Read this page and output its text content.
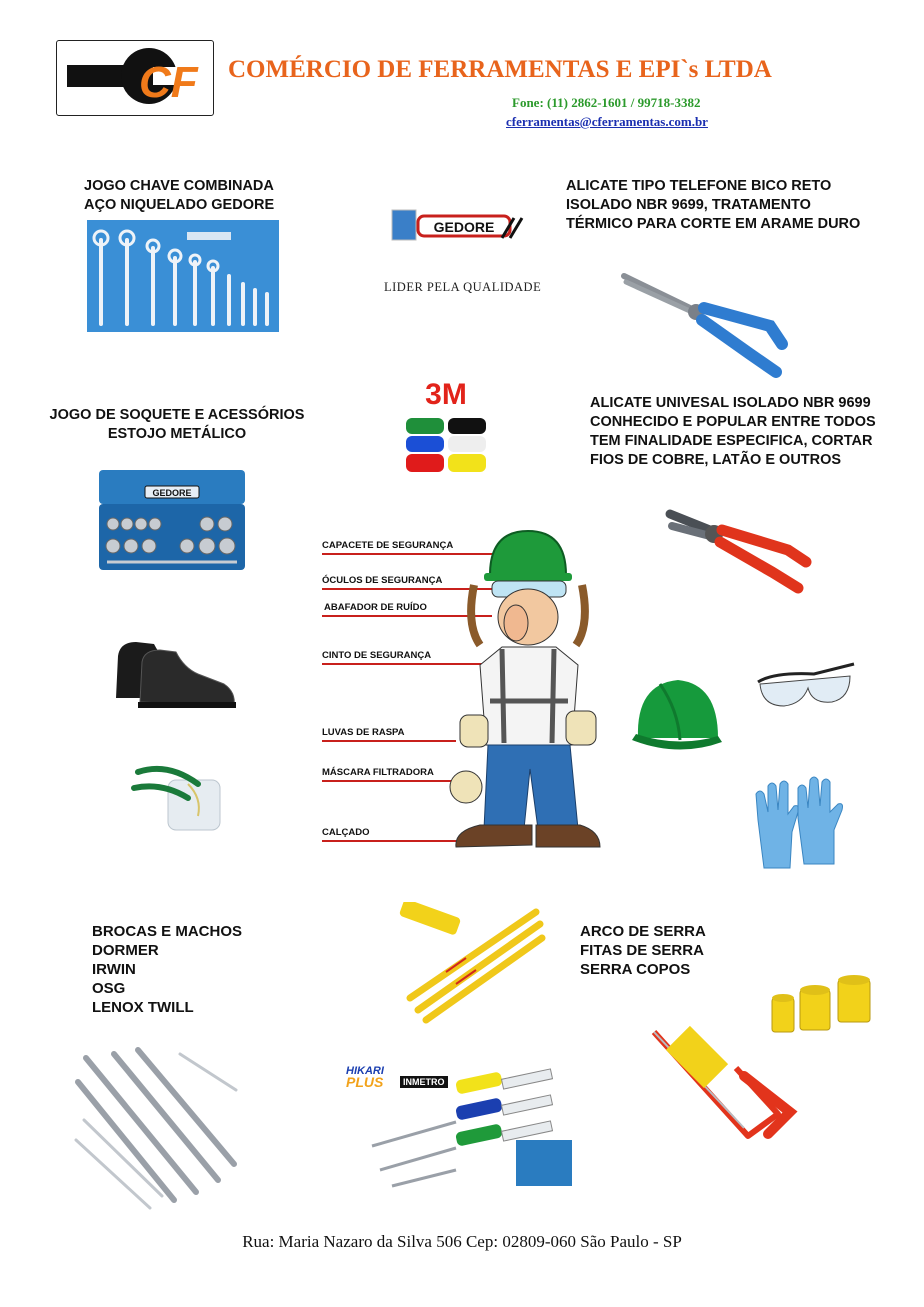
CF COMÉRCIO DE FERRAMENTAS E EPI`s LTDA
Fone: (11) 2862-1601 / 99718-3382
cferramentas@cferramentas.com.br
JOGO CHAVE COMBINADA
AÇO NIQUELADO GEDORE
GEDORE
LIDER PELA QUALIDADE
ALICATE TIPO TELEFONE BICO RETO
ISOLADO NBR 9699, TRATAMENTO
TÉRMICO PARA CORTE EM ARAME DURO
JOGO DE SOQUETE E ACESSÓRIOS
ESTOJO METÁLICO
GEDORE
3M	ALICATE UNIVESAL ISOLADO NBR 9699
CONHECIDO E POPULAR ENTRE TODOS
TEM FINALIDADE ESPECIFICA, CORTAR
FIOS DE COBRE, LATÃO E OUTROS
CAPACETE DE SEGURANÇA
ÓCULOS DE SEGURANÇA
ABAFADOR DE RUÍDO
CINTO DE SEGURANÇA
LUVAS DE RASPA
MÁSCARA FILTRADORA
CALÇADO
BROCAS E MACHOS
DORMER
IRWIN
OSG
LENOX TWILL
ARCO DE SERRA
FITAS DE SERRA
SERRA COPOS
HIKARI
PLUS	INMETRO
Rua: Maria Nazaro da Silva 506 Cep: 02809-060 São Paulo - SP
